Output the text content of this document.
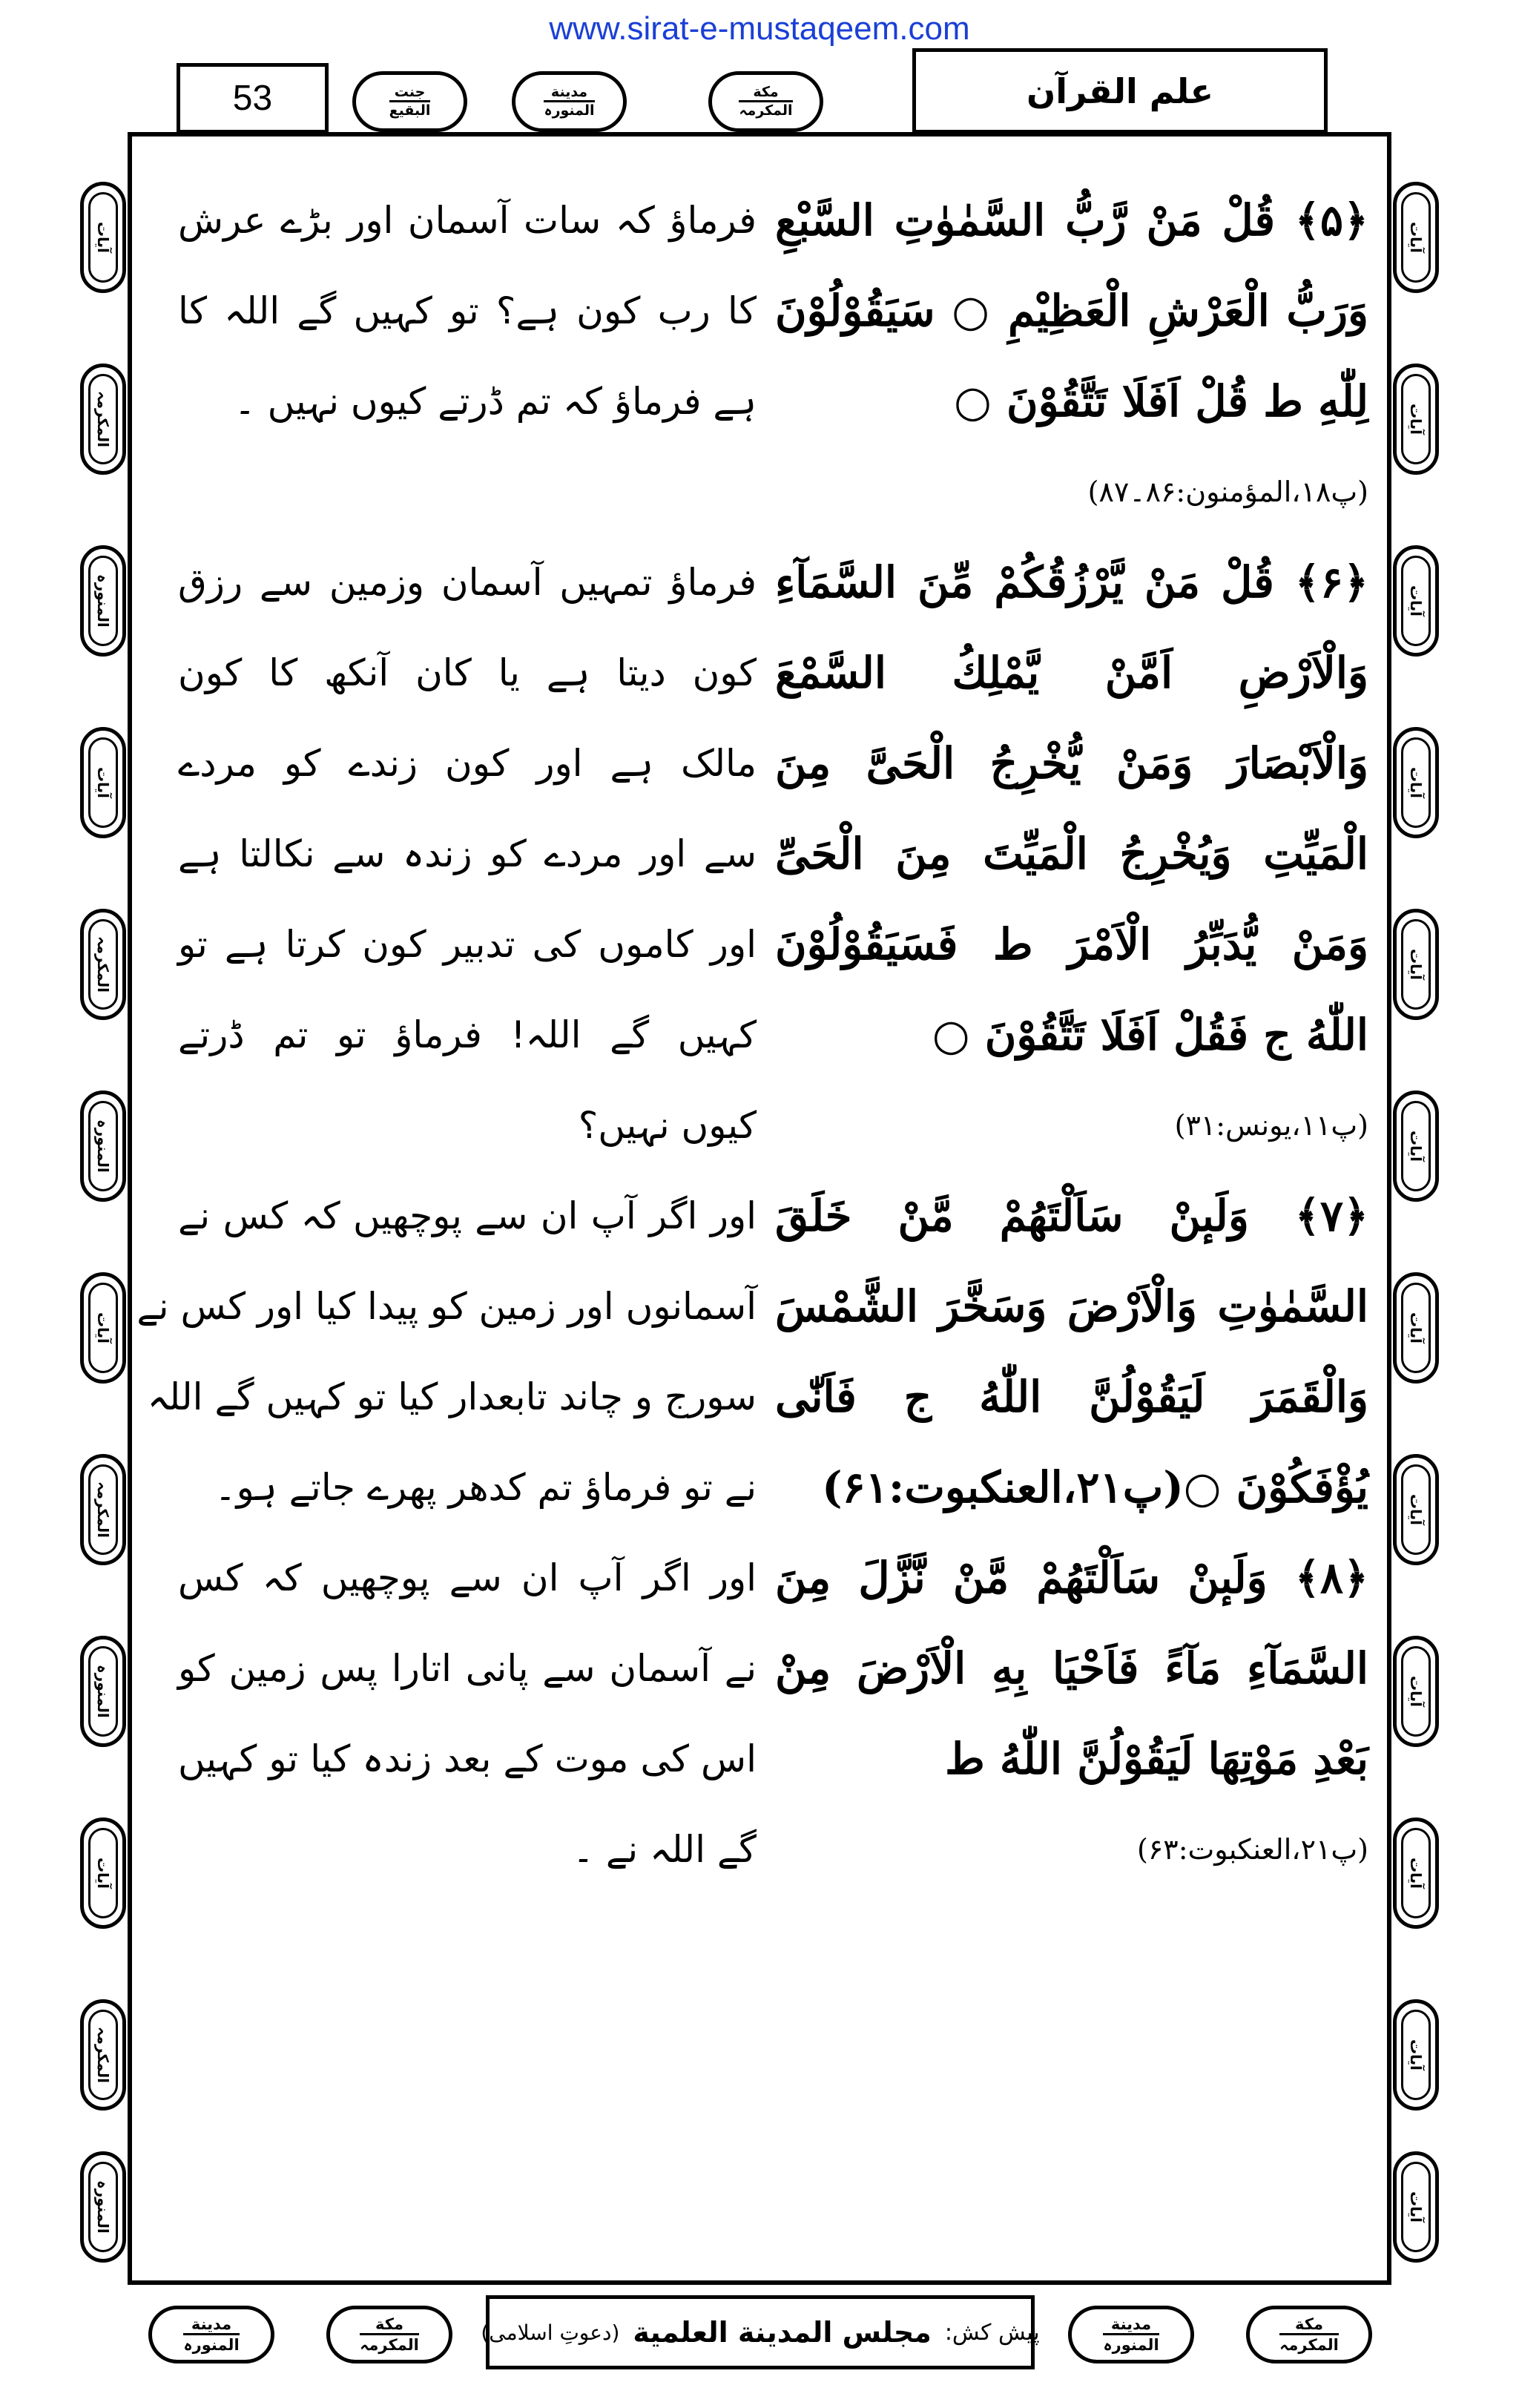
www.sirat-e-mustaqeem.com
53	جنت
البقیع
مدینة
المنورہ
مکة
المکرمہ	علم القرآن
آیات
آیات
آیات
آیات
آیات
آیات
آیات
آیات
آیات
آیات
آیات
آیات
آیات
المکرمہ
المنورہ
آیات
المکرمہ
المنورہ
آیات
المکرمہ
المنورہ
آیات
المکرمہ
المنورہ
﴿۵﴾ قُلْ مَنْ رَّبُّ السَّمٰوٰتِ السَّبْعِ
وَرَبُّ الْعَرْشِ الْعَظِیْمِ ○ سَیَقُوْلُوْنَ
لِلّٰهِ ط قُلْ اَفَلَا تَتَّقُوْنَ ○
(پ۱۸،المؤمنون:۸۶۔۸۷)
﴿۶﴾ قُلْ مَنْ یَّرْزُقُكُمْ مِّنَ السَّمَآءِ
وَالْاَرْضِ اَمَّنْ یَّمْلِكُ السَّمْعَ
وَالْاَبْصَارَ وَمَنْ یُّخْرِجُ الْحَیَّ مِنَ
الْمَیِّتِ وَیُخْرِجُ الْمَیِّتَ مِنَ الْحَیِّ
وَمَنْ یُّدَبِّرُ الْاَمْرَ ط فَسَیَقُوْلُوْنَ
اللّٰهُ ج فَقُلْ اَفَلَا تَتَّقُوْنَ ○
(پ۱۱،یونس:۳۱)
﴿۷﴾ وَلَىٕنْ سَاَلْتَهُمْ مَّنْ خَلَقَ
السَّمٰوٰتِ وَالْاَرْضَ وَسَخَّرَ الشَّمْسَ
وَالْقَمَرَ لَیَقُوْلُنَّ اللّٰهُ ج فَاَنّٰى
یُؤْفَكُوْنَ ○(پ۲۱،العنکبوت:۶۱)
﴿۸﴾ وَلَىٕنْ سَاَلْتَهُمْ مَّنْ نَّزَّلَ مِنَ
السَّمَآءِ مَآءً فَاَحْیَا بِهِ الْاَرْضَ مِنْ
بَعْدِ مَوْتِهَا لَیَقُوْلُنَّ اللّٰهُ ط
(پ۲۱،العنکبوت:۶۳)
فرماؤ کہ سات آسمان اور بڑے عرش
کا رب کون ہے؟ تو کہیں گے اللہ کا
ہے فرماؤ کہ تم ڈرتے کیوں نہیں ۔
فرماؤ تمہیں آسمان وزمین سے رزق
کون دیتا ہے یا کان آنکھ کا کون
مالک ہے اور کون زندے کو مردے
سے اور مردے کو زندہ سے نکالتا ہے
اور کاموں کی تدبیر کون کرتا ہے تو
کہیں گے اللہ! فرماؤ تو تم ڈرتے
کیوں نہیں؟
اور اگر آپ ان سے پوچھیں کہ کس نے
آسمانوں اور زمین کو پیدا کیا اور کس نے
سورج و چاند تابعدار کیا تو کہیں گے اللہ
نے تو فرماؤ تم کدھر پھرے جاتے ہو۔
اور اگر آپ ان سے پوچھیں کہ کس
نے آسمان سے پانی اتارا پس زمین کو
اس کی موت کے بعد زندہ کیا تو کہیں
گے اللہ نے ۔
مدینة
المنورہ
مکة
المکرمہ	پیش کش:
مجلس المدینة العلمیة
(دعوتِ اسلامی)	مدینة
المنورہ
مکة
المکرمہ
